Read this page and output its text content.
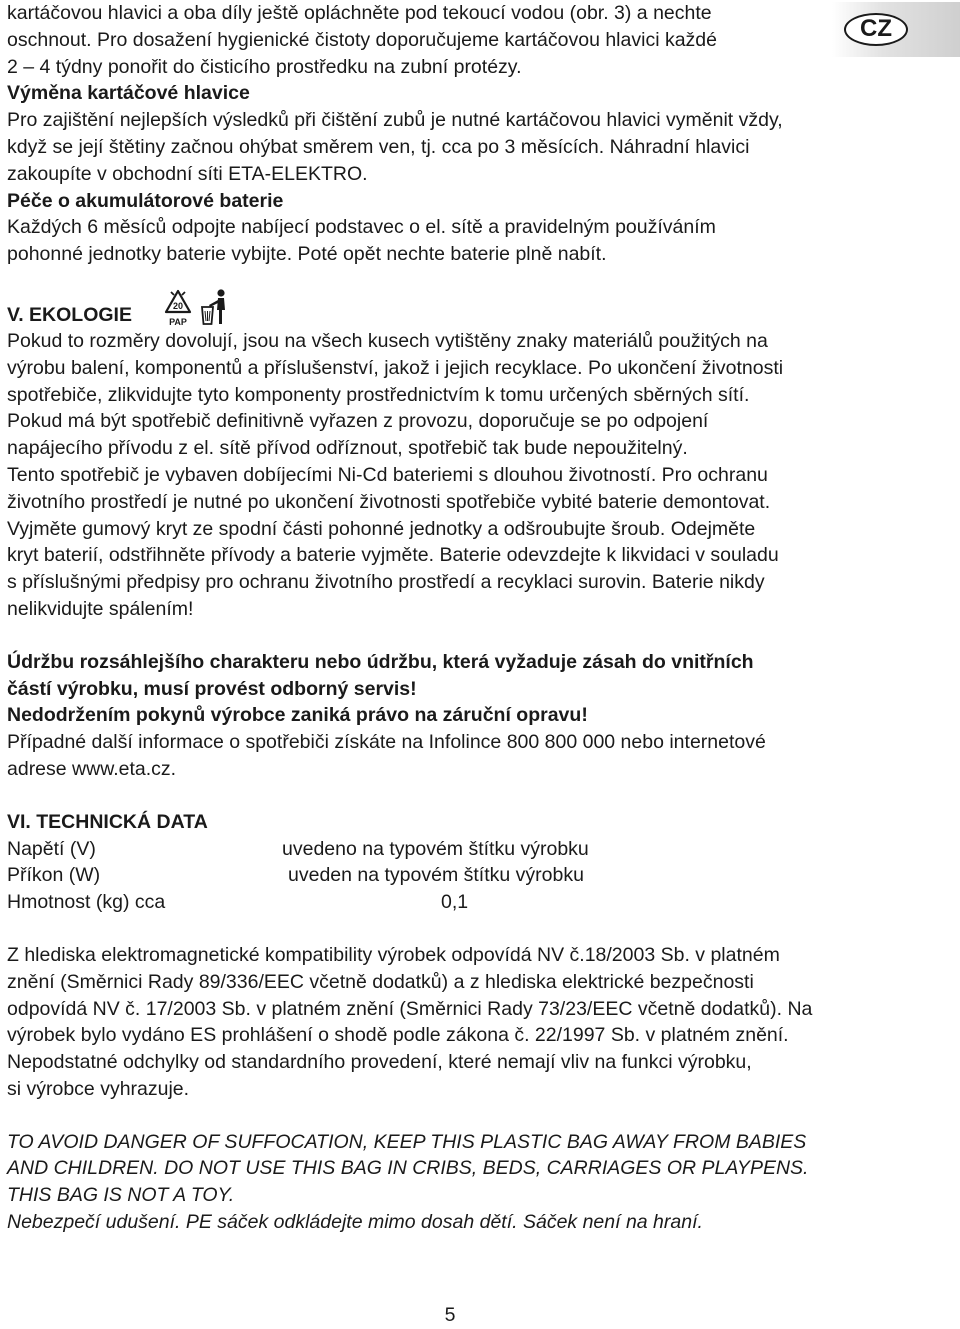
CZ

kartáčovou hlavici a oba díly ještě opláchněte pod tekoucí vodou (obr. 3) a nechte

oschnout. Pro dosažení hygienické čistoty doporučujeme kartáčovou hlavici každé

2 – 4 týdny ponořit do čisticího prostředku na zubní protézy.

Výměna kartáčové hlavice

Pro zajištění nejlepších výsledků při čištění zubů je nutné kartáčovou hlavici vyměnit vždy,

když se její štětiny začnou ohýbat směrem ven, tj. cca po 3 měsících. Náhradní hlavici

zakoupíte v obchodní síti ETA-ELEKTRO.

Péče o akumulátorové baterie

Každých 6 měsíců odpojte nabíjecí podstavec o el. sítě a pravidelným používáním

pohonné jednotky baterie vybijte. Poté opět nechte baterie plně nabít.

V. EKOLOGIE	20
PAP

Pokud to rozměry dovolují, jsou na všech kusech vytištěny znaky materiálů použitých na

výrobu balení, komponentů a příslušenství, jakož i jejich recyklace. Po ukončení životnosti

spotřebiče, zlikvidujte tyto komponenty prostřednictvím k tomu určených sběrných sítí.

Pokud má být spotřebič definitivně vyřazen z provozu, doporučuje se po odpojení

napájecího přívodu z el. sítě přívod odříznout, spotřebič tak bude nepoužitelný.

Tento spotřebič je vybaven dobíjecími Ni-Cd bateriemi s dlouhou životností. Pro ochranu

životního prostředí je nutné po ukončení životnosti spotřebiče vybité baterie demontovat.

Vyjměte gumový kryt ze spodní části pohonné jednotky a odšroubujte šroub. Odejměte

kryt baterií, odstřihněte přívody a baterie vyjměte. Baterie odevzdejte k likvidaci v souladu

s příslušnými předpisy pro ochranu životního prostředí a recyklaci surovin. Baterie nikdy

nelikvidujte spálením!

Údržbu rozsáhlejšího charakteru nebo údržbu, která vyžaduje zásah do vnitřních

částí výrobku, musí provést odborný servis!

Nedodržením pokynů výrobce zaniká právo na záruční opravu!

Případné další informace o spotřebiči získáte na Infolince 800 800 000 nebo internetové

adrese www.eta.cz.

VI. TECHNICKÁ DATA

Napětí (V)	uvedeno na typovém štítku výrobku
Příkon (W)	uveden na typovém štítku výrobku
Hmotnost (kg) cca	0,1

Z hlediska elektromagnetické kompatibility výrobek odpovídá NV č.18/2003 Sb. v platném

znění (Směrnici Rady 89/336/EEC včetně dodatků) a z hlediska elektrické bezpečnosti

odpovídá NV č. 17/2003 Sb. v platném znění (Směrnici Rady 73/23/EEC včetně dodatků). Na

výrobek bylo vydáno ES prohlášení o shodě podle zákona č. 22/1997 Sb. v platném znění.

Nepodstatné odchylky od standardního provedení, které nemají vliv na funkci výrobku,

si výrobce vyhrazuje.

TO AVOID DANGER OF SUFFOCATION, KEEP THIS PLASTIC BAG AWAY FROM BABIES

AND CHILDREN. DO NOT USE THIS BAG IN CRIBS, BEDS, CARRIAGES OR PLAYPENS.

THIS BAG IS NOT A TOY.

Nebezpečí udušení. PE sáček odkládejte mimo dosah dětí. Sáček není na hraní.

5
